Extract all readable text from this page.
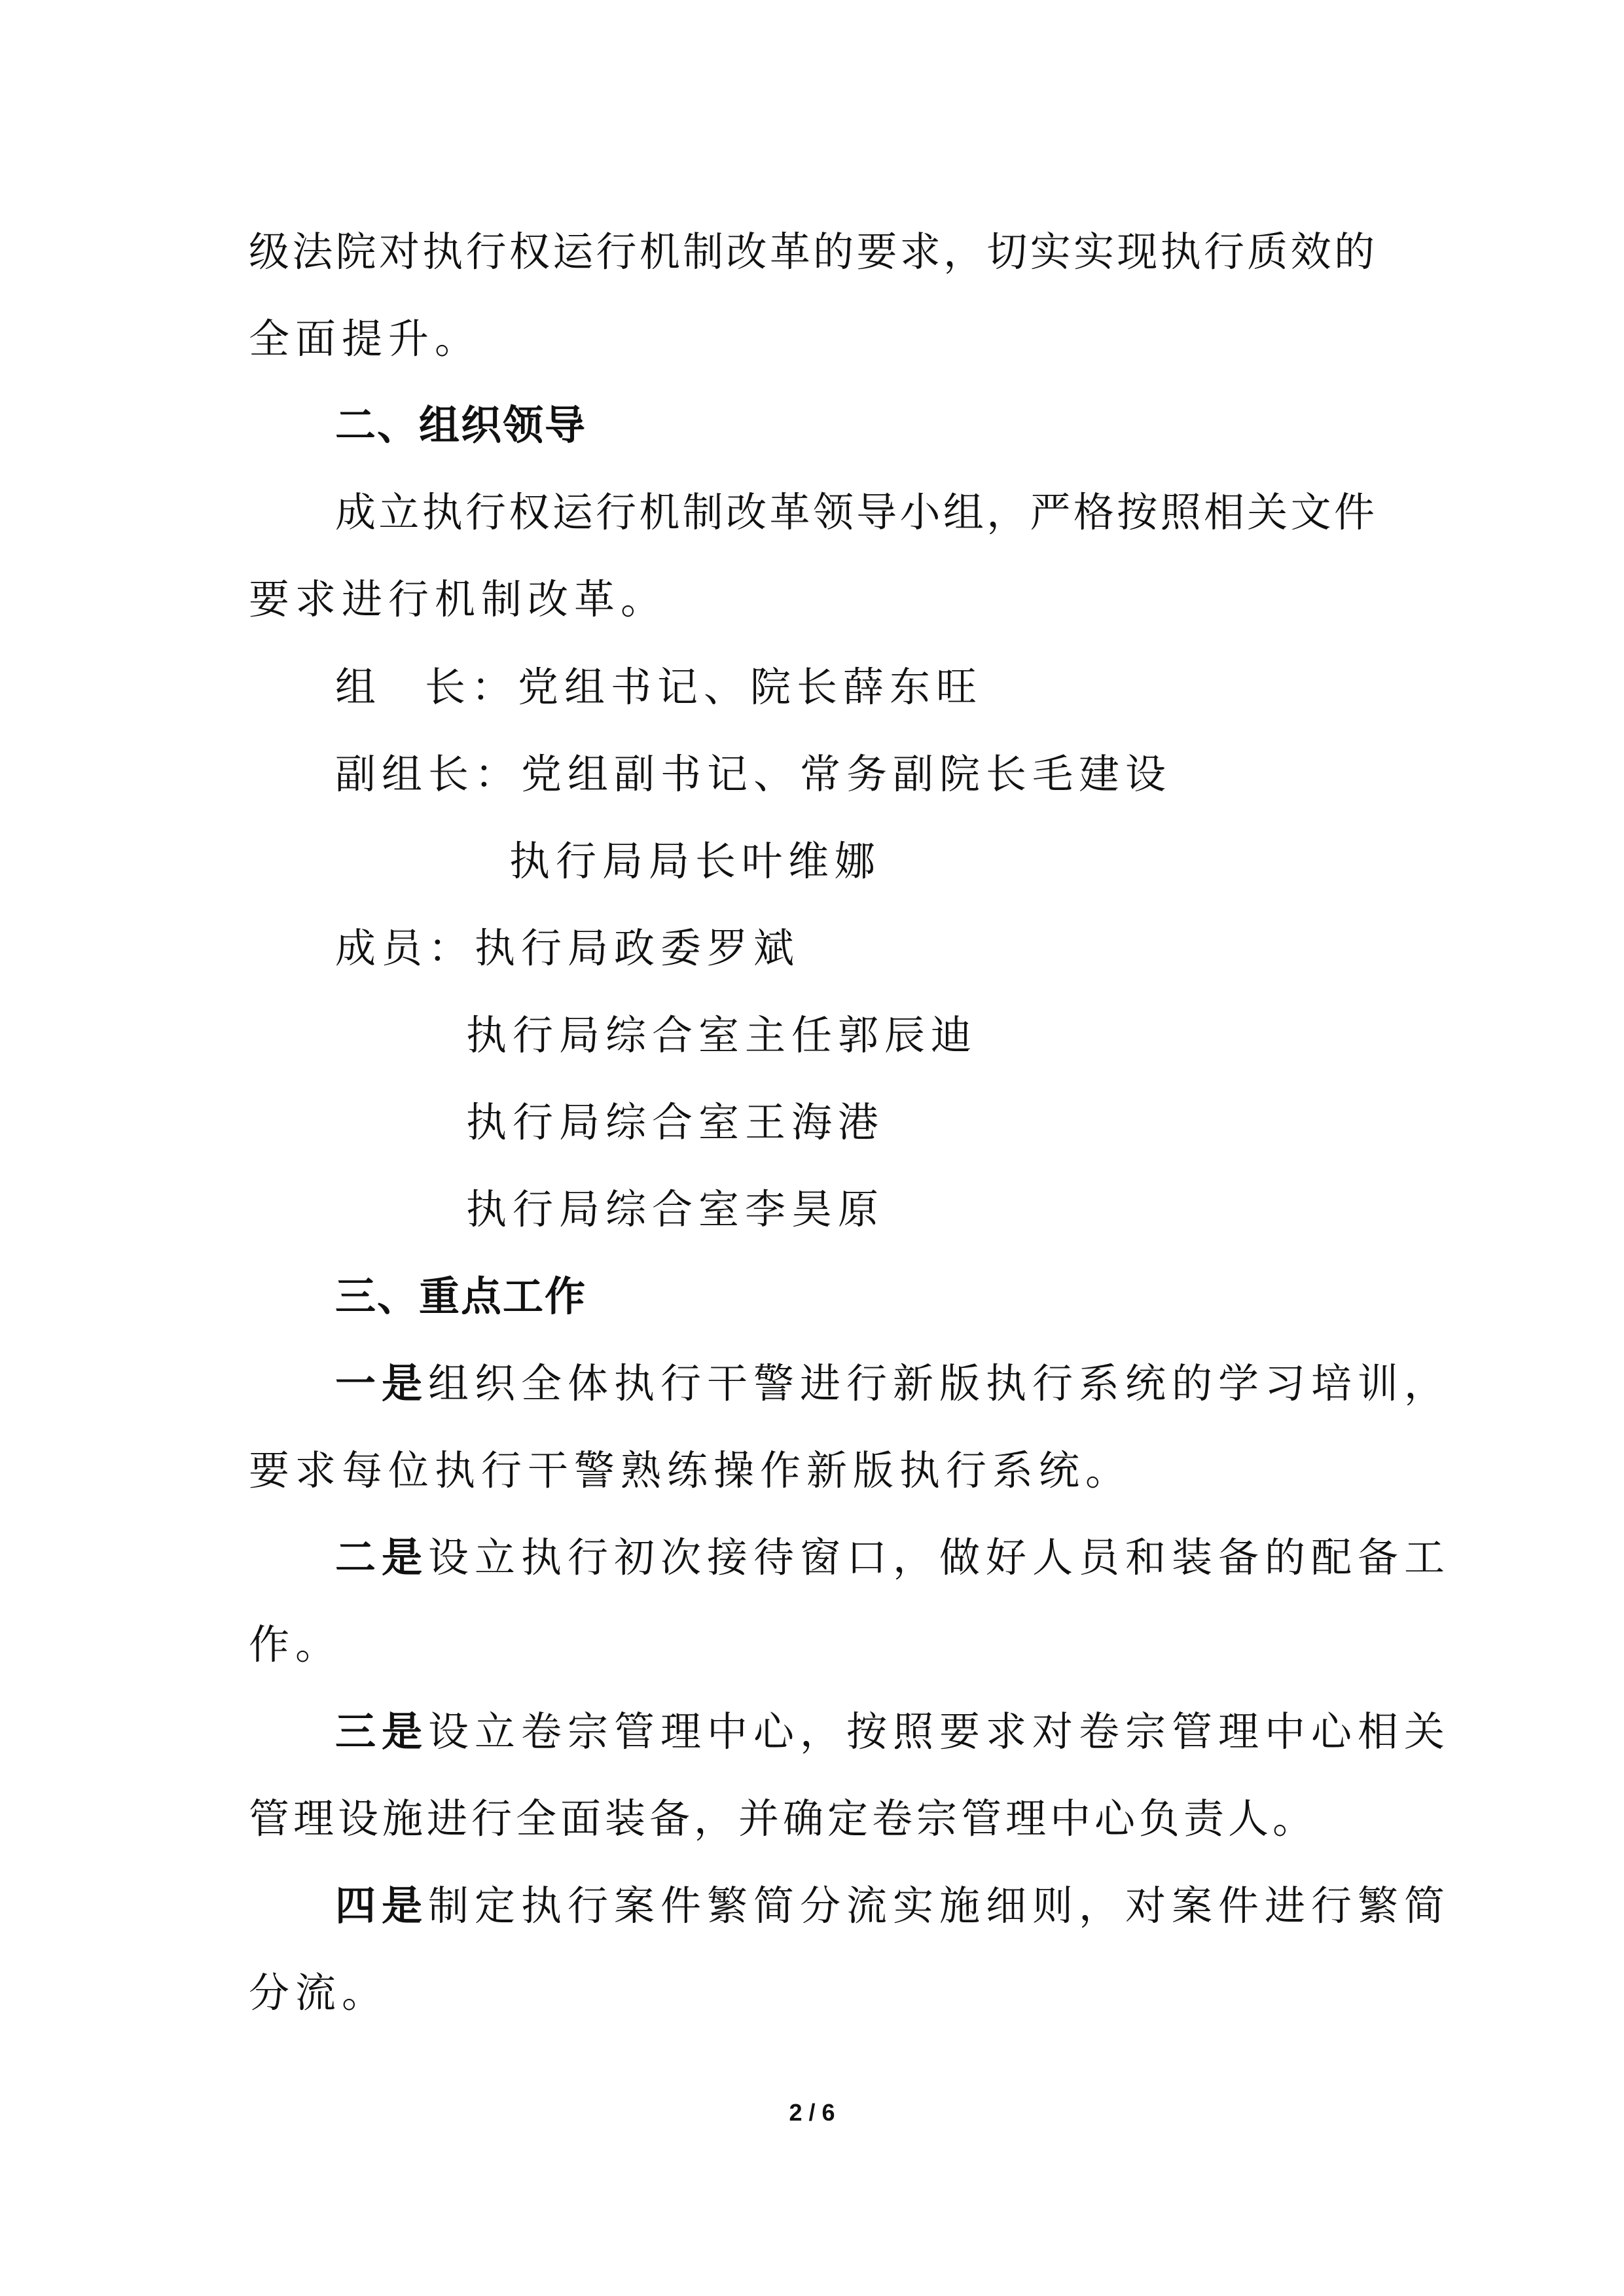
级法院对执行权运行机制改革的要求，切实实现执行质效的
全面提升。
二、组织领导
成立执行权运行机制改革领导小组，严格按照相关文件
要求进行机制改革。
组 长：党组书记、院长薛东旺
副组长：党组副书记、常务副院长毛建设
执行局局长叶维娜
成员：执行局政委罗斌
执行局综合室主任郭辰迪
执行局综合室王海港
执行局综合室李昊原
三、重点工作
一是组织全体执行干警进行新版执行系统的学习培训，
要求每位执行干警熟练操作新版执行系统。
二是设立执行初次接待窗口，做好人员和装备的配备工
作。
三是设立卷宗管理中心，按照要求对卷宗管理中心相关
管理设施进行全面装备，并确定卷宗管理中心负责人。
四是制定执行案件繁简分流实施细则，对案件进行繁简
分流。
2 / 6
